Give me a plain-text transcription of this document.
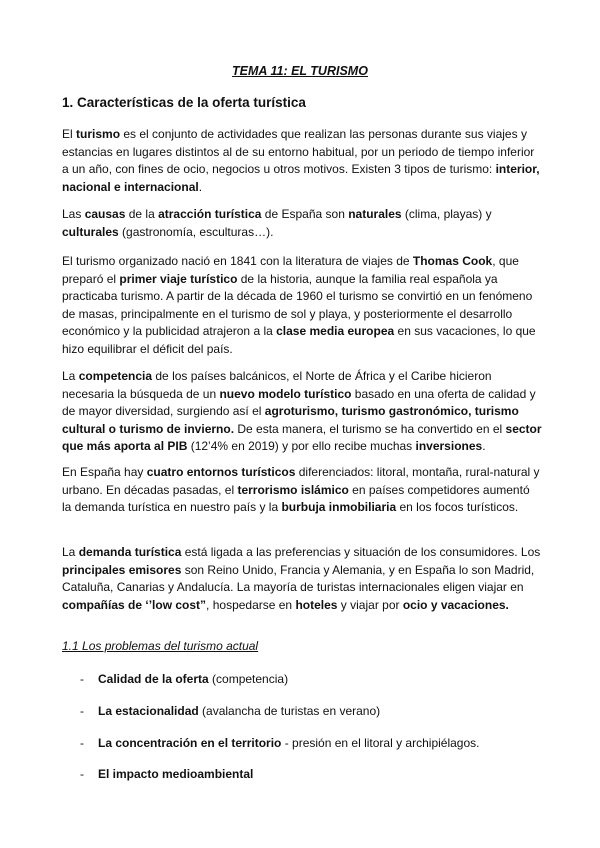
TEMA 11: EL TURISMO
1. Características de la oferta turística

El turismo es el conjunto de actividades que realizan las personas durante sus viajes y estancias en lugares distintos al de su entorno habitual, por un periodo de tiempo inferior a un año, con fines de ocio, negocios u otros motivos. Existen 3 tipos de turismo: interior, nacional e internacional.

Las causas de la atracción turística de España son naturales (clima, playas) y culturales (gastronomía, esculturas…).

El turismo organizado nació en 1841 con la literatura de viajes de Thomas Cook, que preparó el primer viaje turístico de la historia, aunque la familia real española ya practicaba turismo. A partir de la década de 1960 el turismo se convirtió en un fenómeno de masas, principalmente en el turismo de sol y playa, y posteriormente el desarrollo económico y la publicidad atrajeron a la clase media europea en sus vacaciones, lo que hizo equilibrar el déficit del país.

La competencia de los países balcánicos, el Norte de África y el Caribe hicieron necesaria la búsqueda de un nuevo modelo turístico basado en una oferta de calidad y de mayor diversidad, surgiendo así el agroturismo, turismo gastronómico, turismo cultural o turismo de invierno. De esta manera, el turismo se ha convertido en el sector que más aporta al PIB (12’4% en 2019) y por ello recibe muchas inversiones.

En España hay cuatro entornos turísticos diferenciados: litoral, montaña, rural-natural y urbano. En décadas pasadas, el terrorismo islámico en países competidores aumentó la demanda turística en nuestro país y la burbuja inmobiliaria en los focos turísticos.

La demanda turística está ligada a las preferencias y situación de los consumidores. Los principales emisores son Reino Unido, Francia y Alemania, y en España lo son Madrid, Cataluña, Canarias y Andalucía. La mayoría de turistas internacionales eligen viajar en compañías de ‘’low cost”, hospedarse en hoteles y viajar por ocio y vacaciones.

1.1 Los problemas del turismo actual
- Calidad de la oferta (competencia)
- La estacionalidad (avalancha de turistas en verano)
- La concentración en el territorio - presión en el litoral y archipiélagos.
- El impacto medioambiental
